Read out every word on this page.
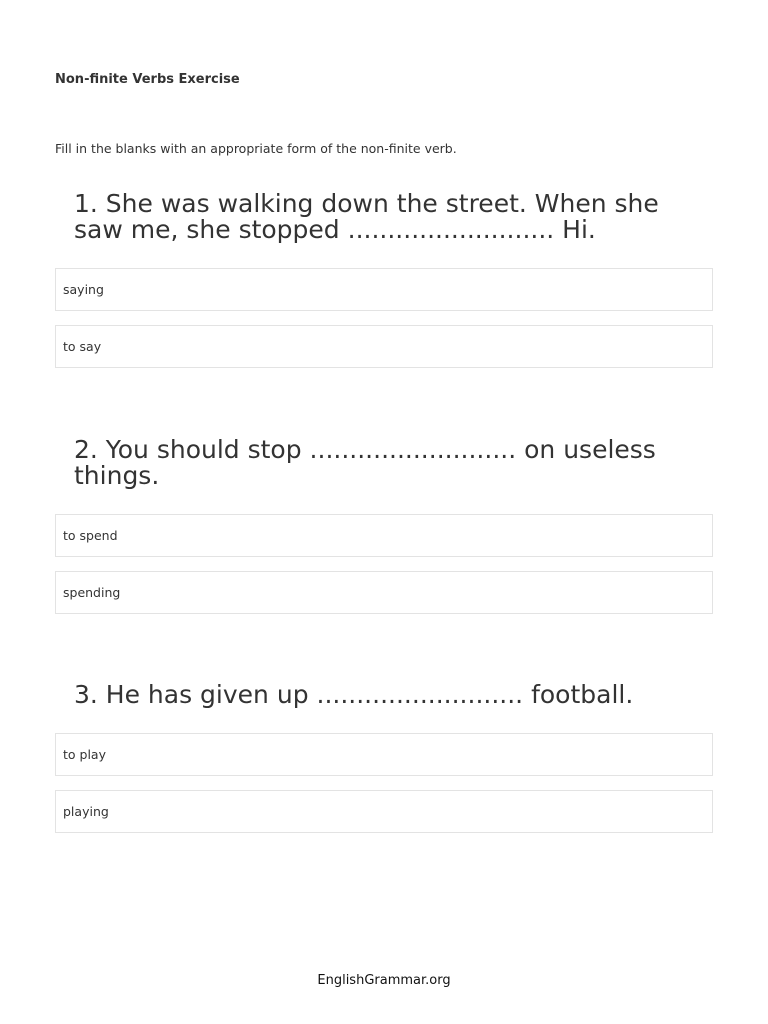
Non-finite Verbs Exercise

Fill in the blanks with an appropriate form of the non-finite verb.

1. She was walking down the street. When she saw me, she stopped .......................... Hi.
saying
to say
2. You should stop .......................... on useless things.
to spend
spending
3. He has given up .......................... football.
to play
playing

EnglishGrammar.org
